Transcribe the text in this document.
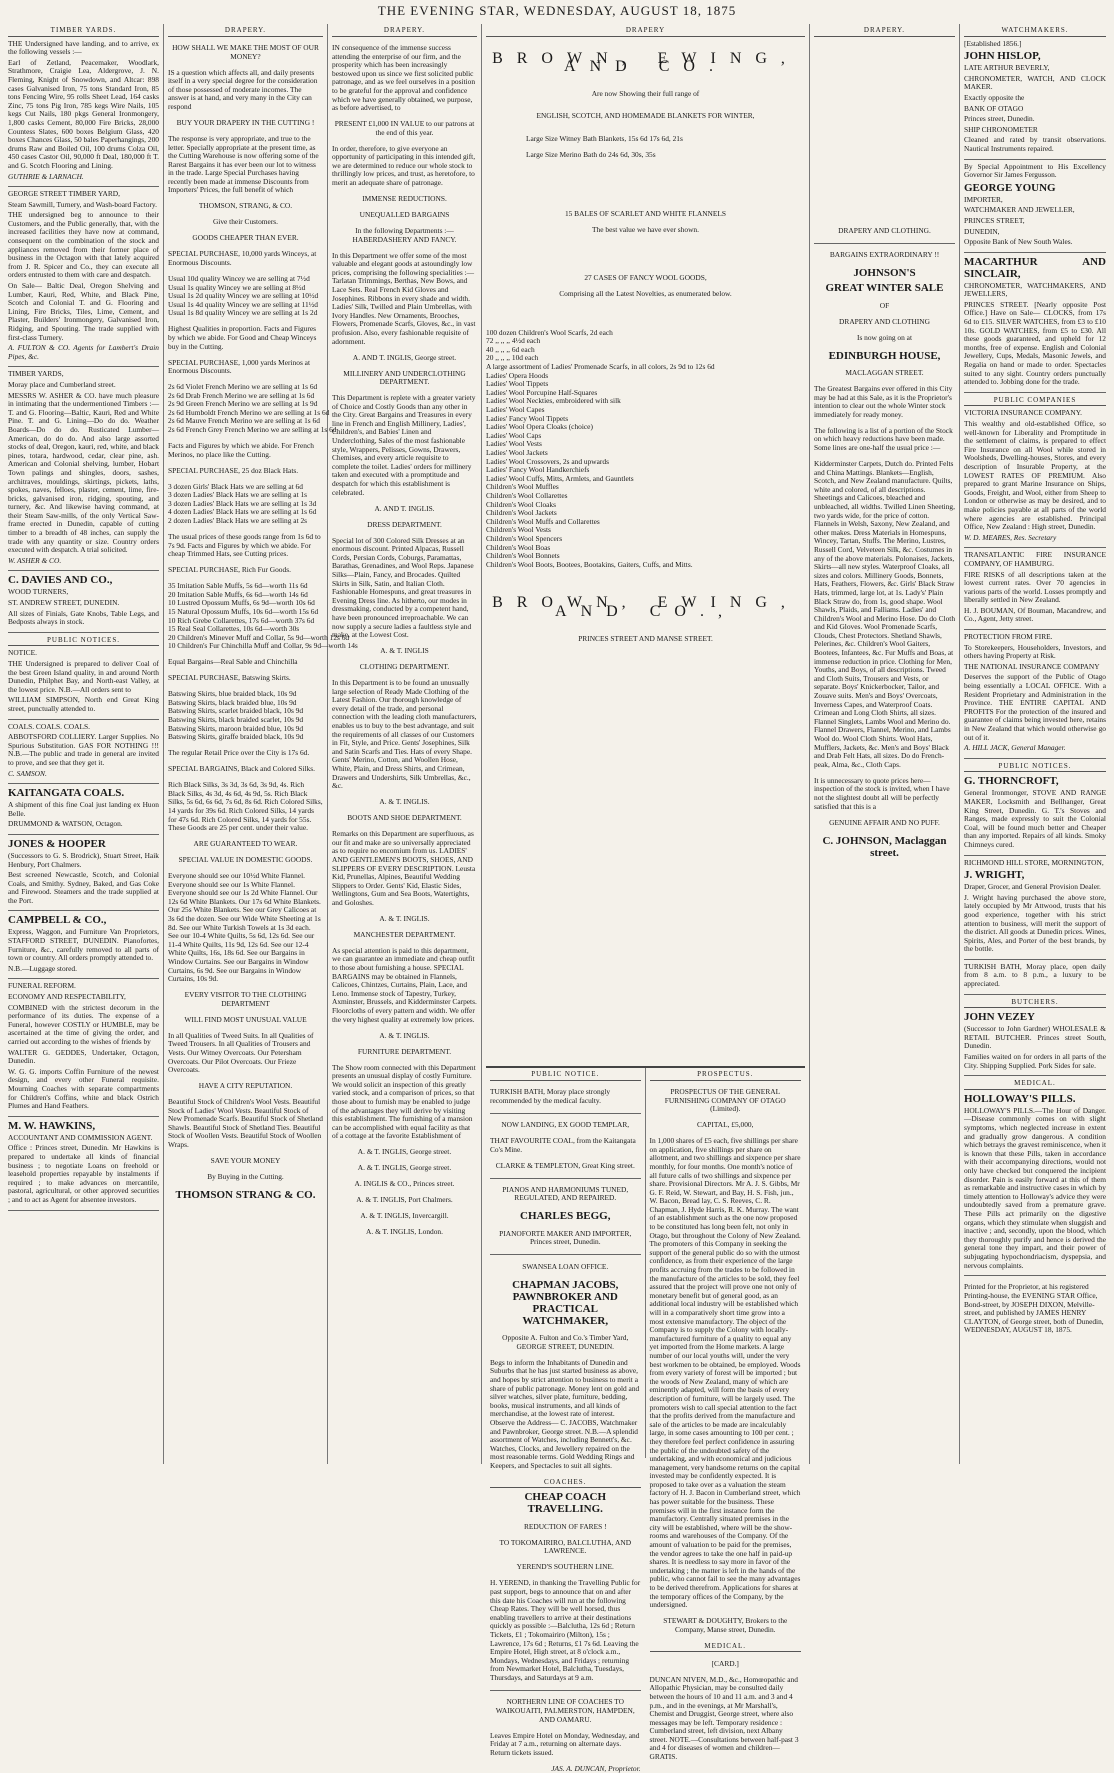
THE EVENING STAR, WEDNESDAY, AUGUST 18, 1875
TIMBER YARDS.

THE Undersigned have landing, and to arrive, ex the following vessels :—

Earl of Zetland, Peacemaker, Woodlark, Strathmore, Craigie Lea, Aldergrove, J. N. Fleming, Knight of Snowdown, and Altcar: 898 cases Galvanised Iron, 75 tons Standard Iron, 85 tons Fencing Wire, 95 rolls Sheet Lead, 164 casks Zinc, 75 tons Pig Iron, 785 kegs Wire Nails, 105 kegs Cut Nails, 180 pkgs General Ironmongery, 1,800 casks Cement, 80,000 Fire Bricks, 28,000 Countess Slates, 600 boxes Belgium Glass, 420 boxes Chances Glass, 50 bales Paperhangings, 200 drums Raw and Boiled Oil, 100 drums Colza Oil, 450 cases Castor Oil, 90,000 ft Deal, 180,000 ft T. and G. Scotch Flooring and Lining.

GUTHRIE & LARNACH.

GEORGE STREET TIMBER YARD,

Steam Sawmill, Turnery, and Wash-board Factory.

THE undersigned beg to announce to their Customers, and the Public generally, that, with the increased facilities they have now at command, consequent on the combination of the stock and appliances removed from their former place of business in the Octagon with that lately acquired from J. R. Spicer and Co., they can execute all orders entrusted to them with care and despatch.

On Sale— Baltic Deal, Oregon Shelving and Lumber, Kauri, Red, White, and Black Pine, Scotch and Colonial T. and G. Flooring and Lining, Fire Bricks, Tiles, Lime, Cement, and Plaster, Builders' Ironmongery, Galvanised Iron, Ridging, and Spouting. The trade supplied with first-class Turnery.

A. FULTON & CO. Agents for Lambert's Drain Pipes, &c.

TIMBER YARDS,

Moray place and Cumberland street.

MESSRS W. ASHER & CO. have much pleasure in intimating that the undermentioned Timbers :— T. and G. Flooring—Baltic, Kauri, Red and White Pine. T. and G. Lining—Do do do. Weather Boards—Do do do. Rusticated Lumber—American, do do do. And also large assorted stocks of deal, Oregon, kauri, red, white, and black pines, totara, hardwood, cedar, clear pine, ash. American and Colonial shelving, lumber, Hobart Town palings and shingles, doors, sashes, architraves, mouldings, skirtings, pickets, laths, spokes, naves, felloes, plaster, cement, lime, fire-bricks, galvanised iron, ridging, spouting, and turnery, &c. And likewise having command, at their Steam Saw-mills, of the only Vertical Saw-frame erected in Dunedin, capable of cutting timber to a breadth of 48 inches, can supply the trade with any quantity or size. Country orders executed with despatch. A trial solicited.

W. ASHER & CO.

C. DAVIES AND CO.,

WOOD TURNERS,

ST. ANDREW STREET, DUNEDIN.

All sizes of Finials, Gate Knobs, Table Legs, and Bedposts always in stock.

PUBLIC NOTICES.

NOTICE.

THE Undersigned is prepared to deliver Coal of the best Green Island quality, in and around North Dunedin, Philphet Bay, and North-east Valley, at the lowest price. N.B.—All orders sent to

WILLIAM SIMPSON, North end Great King street, punctually attended to.

COALS. COALS. COALS.

ABBOTSFORD COLLIERY. Larger Supplies. No Spurious Substitution. GAS FOR NOTHING !!! N.B.—The public and trade in general are invited to prove, and see that they get it.

C. SAMSON.

KAITANGATA COALS.

A shipment of this fine Coal just landing ex Huon Belle.

DRUMMOND & WATSON, Octagon.

JONES & HOOPER

(Successors to G. S. Brodrick), Stuart Street, Haik Henbury, Port Chalmers.

Best screened Newcastle, Scotch, and Colonial Coals, and Smithy. Sydney, Baked, and Gas Coke and Firewood. Steamers and the trade supplied at the Port.

CAMPBELL & CO.,

Express, Waggon, and Furniture Van Proprietors, STAFFORD STREET, DUNEDIN. Pianofortes, Furniture, &c., carefully removed to all parts of town or country. All orders promptly attended to.

N.B.—Luggage stored.

FUNERAL REFORM.

ECONOMY AND RESPECTABILITY,

COMBINED with the strictest decorum in the performance of its duties. The expense of a Funeral, however COSTLY or HUMBLE, may be ascertained at the time of giving the order, and carried out according to the wishes of friends by

WALTER G. GEDDES, Undertaker, Octagon, Dunedin.

W. G. G. imports Coffin Furniture of the newest design, and every other Funeral requisite. Mourning Coaches with separate compartments for Children's Coffins, white and black Ostrich Plumes and Hand Feathers.

M. W. HAWKINS,

ACCOUNTANT AND COMMISSION AGENT.

Office : Princes street, Dunedin. Mr Hawkins is prepared to undertake all kinds of financial business ; to negotiate Loans on freehold or leasehold properties repayable by instalments if required ; to make advances on mercantile, pastoral, agricultural, or other approved securities ; and to act as Agent for absentee investors.

DRAPERY.

HOW SHALL WE MAKE THE MOST OF OUR MONEY?

IS a question which affects all, and daily presents itself in a very special degree for the consideration of those possessed of moderate incomes. The answer is at hand, and very many in the City can respond

BUY YOUR DRAPERY IN THE CUTTING !

The response is very appropriate, and true to the letter. Specially appropriate at the present time, as the Cutting Warehouse is now offering some of the Rarest Bargains it has ever been our lot to witness in the trade. Large Special Purchases having recently been made at immense Discounts from Importers' Prices, the full benefit of which

THOMSON, STRANG, & CO.

Give their Customers.

GOODS CHEAPER THAN EVER.

SPECIAL PURCHASE, 10,000 yards Winceys, at Enormous Discounts.

Usual 10d quality Wincey we are selling at 7½d

Usual 1s quality Wincey we are selling at 8½d

Usual 1s 2d quality Wincey we are selling at 10½d

Usual 1s 4d quality Wincey we are selling at 11½d

Usual 1s 8d quality Wincey we are selling at 1s 2d

Highest Qualities in proportion. Facts and Figures by which we abide. For Good and Cheap Winceys buy in the Cutting.

SPECIAL PURCHASE, 1,000 yards Merinos at Enormous Discounts.

2s 6d Violet French Merino we are selling at 1s 6d

2s 6d Drab French Merino we are selling at 1s 6d

2s 9d Green French Merino we are selling at 1s 9d

2s 6d Humboldt French Merino we are selling at 1s 6d

2s 6d Mauve French Merino we are selling at 1s 6d

2s 6d French Grey French Merino we are selling at 1s 6d

Facts and Figures by which we abide. For French Merinos, no place like the Cutting.

SPECIAL PURCHASE, 25 doz Black Hats.

3 dozen Girls' Black Hats we are selling at 6d

3 dozen Ladies' Black Hats we are selling at 1s

3 dozen Ladies' Black Hats we are selling at 1s 3d

4 dozen Ladies' Black Hats we are selling at 1s 6d

2 dozen Ladies' Black Hats we are selling at 2s

The usual prices of these goods range from 1s 6d to 7s 9d. Facts and Figures by which we abide. For cheap Trimmed Hats, see Cutting prices.

SPECIAL PURCHASE, Rich Fur Goods.

35 Imitation Sable Muffs, 5s 6d—worth 11s 6d

20 Imitation Sable Muffs, 6s 6d—worth 14s 6d

10 Lustred Opossum Muffs, 6s 9d—worth 10s 6d

15 Natural Opossum Muffs, 10s 6d—worth 15s 6d

10 Rich Grebe Collarettes, 17s 6d—worth 37s 6d

15 Real Seal Collarettes, 10s 6d—worth 30s

20 Children's Minever Muff and Collar, 5s 9d—worth 12s 6d

10 Children's Fur Chinchilla Muff and Collar, 9s 9d—worth 14s

Equal Bargains—Real Sable and Chinchilla

SPECIAL PURCHASE, Batswing Skirts.

Batswing Skirts, blue braided black, 10s 9d

Batswing Skirts, black braided blue, 10s 9d

Batswing Skirts, scarlet braided black, 10s 9d

Batswing Skirts, black braided scarlet, 10s 9d

Batswing Skirts, maroon braided blue, 10s 9d

Batswing Skirts, giraffe braided black, 10s 9d

The regular Retail Price over the City is 17s 6d.

SPECIAL BARGAINS, Black and Colored Silks.

Rich Black Silks, 3s 3d, 3s 6d, 3s 9d, 4s. Rich Black Silks, 4s 3d, 4s 6d, 4s 9d, 5s. Rich Black Silks, 5s 6d, 6s 6d, 7s 6d, 8s 6d. Rich Colored Silks, 14 yards for 39s 6d. Rich Colored Silks, 14 yards for 47s 6d. Rich Colored Silks, 14 yards for 55s. These Goods are 25 per cent. under their value.

ARE GUARANTEED TO WEAR.

SPECIAL VALUE IN DOMESTIC GOODS.

Everyone should see our 10½d White Flannel. Everyone should see our 1s White Flannel. Everyone should see our 1s 2d White Flannel. Our 12s 6d White Blankets. Our 17s 6d White Blankets. Our 25s White Blankets. See our Grey Calicoes at 3s 6d the dozen. See our Wide White Sheeting at 1s 8d. See our White Turkish Towels at 1s 3d each. See our 10-4 White Quilts, 5s 6d, 12s 6d. See our 11-4 White Quilts, 11s 9d, 12s 6d. See our 12-4 White Quilts, 16s, 18s 6d. See our Bargains in Window Curtains. See our Bargains in Window Curtains, 6s 9d. See our Bargains in Window Curtains, 10s 9d.

EVERY VISITOR TO THE CLOTHING DEPARTMENT

WILL FIND MOST UNUSUAL VALUE

In all Qualities of Tweed Suits. In all Qualities of Tweed Trousers. In all Qualities of Trousers and Vests. Our Witney Overcoats. Our Petersham Overcoats. Our Pilot Overcoats. Our Frieze Overcoats.

HAVE A CITY REPUTATION.

Beautiful Stock of Children's Wool Vests. Beautiful Stock of Ladies' Wool Vests. Beautiful Stock of New Promenade Scarfs. Beautiful Stock of Shetland Shawls. Beautiful Stock of Shetland Ties. Beautiful Stock of Woollen Vests. Beautiful Stock of Woollen Wraps.

SAVE YOUR MONEY

By Buying in the Cutting.

THOMSON STRANG & CO.

DRAPERY.

IN consequence of the immense success attending the enterprise of our firm, and the prosperity which has been increasingly bestowed upon us since we first solicited public patronage, and as we feel ourselves in a position to be grateful for the approval and confidence which we have generally obtained, we purpose, as before advertised, to

PRESENT £1,000 IN VALUE to our patrons at the end of this year.

In order, therefore, to give everyone an opportunity of participating in this intended gift, we are determined to reduce our whole stock to thrillingly low prices, and trust, as heretofore, to merit an adequate share of patronage.

IMMENSE REDUCTIONS.

UNEQUALLED BARGAINS

In the following Departments :— HABERDASHERY AND FANCY.

In this Department we offer some of the most valuable and elegant goods at astoundingly low prices, comprising the following specialities :— Tarlatan Trimmings, Berthas, New Bows, and Lace Sets. Real French Kid Gloves and Josephines. Ribbons in every shade and width. Ladies' Silk, Twilled and Plain Umbrellas, with Ivory Handles. New Ornaments, Brooches, Flowers, Promenade Scarfs, Gloves, &c., in vast profusion. Also, every fashionable requisite of adornment.

A. AND T. INGLIS, George street.

MILLINERY AND UNDERCLOTHING DEPARTMENT.

This Department is replete with a greater variety of Choice and Costly Goods than any other in the City. Great Bargains and Treasures in every line in French and English Millinery, Ladies', Children's, and Babies' Linen and Underclothing, Sales of the most fashionable style, Wrappers, Pelisses, Gowns, Drawers, Chemises, and every article requisite to complete the toilet. Ladies' orders for millinery taken and executed with a promptitude and despatch for which this establishment is celebrated.

A. AND T. INGLIS.

DRESS DEPARTMENT.

Special lot of 300 Colored Silk Dresses at an enormous discount. Printed Alpacas, Russell Cords, Persian Cords, Coburgs, Paramattas, Barathas, Grenadines, and Wool Reps. Japanese Silks—Plain, Fancy, and Brocades. Quilted Skirts in Silk, Satin, and Italian Cloth. Fashionable Homespuns, and great treasures in Evening Dress line. As hitherto, our modes in dressmaking, conducted by a competent hand, have been pronounced irreproachable. We can now supply a secure ladies a faultless style and make, at the Lowest Cost.

A. & T. INGLIS

CLOTHING DEPARTMENT.

In this Department is to be found an unusually large selection of Ready Made Clothing of the Latest Fashion. Our thorough knowledge of every detail of the trade, and personal connection with the leading cloth manufacturers, enables us to buy to the best advantage, and suit the requirements of all classes of our Customers in Fit, Style, and Price. Gents' Josephines, Silk and Satin Scarfs and Ties. Hats of every Shape. Gents' Merino, Cotton, and Woollen Hose, White, Plain, and Dress Shirts, and Crimean, Drawers and Undershirts, Silk Umbrellas, &c., &c.

A. & T. INGLIS.

BOOTS AND SHOE DEPARTMENT.

Remarks on this Department are superfluous, as our fit and make are so universally appreciated as to require no encomium from us. LADIES' AND GENTLEMEN'S BOOTS, SHOES, AND SLIPPERS OF EVERY DESCRIPTION. Leusta Kid, Prunellas, Alpines, Beautiful Wedding Slippers to Order. Gents' Kid, Elastic Sides, Wellingtons, Gum and Sea Boots, Watertights, and Goloshes.

A. & T. INGLIS.

MANCHESTER DEPARTMENT.

As special attention is paid to this department, we can guarantee an immediate and cheap outfit to those about furnishing a house. SPECIAL BARGAINS may be obtained in Flannels, Calicoes, Chintzes, Curtains, Plain, Lace, and Leno. Immense stock of Tapestry, Turkey, Axminster, Brussels, and Kidderminster Carpets. Floorcloths of every pattern and width. We offer the very highest quality at extremely low prices.

A. & T. INGLIS.

FURNITURE DEPARTMENT.

The Show room connected with this Department presents an unusual display of costly Furniture. We would solicit an inspection of this greatly varied stock, and a comparison of prices, so that those about to furnish may be enabled to judge of the advantages they will derive by visiting this establishment. The furnishing of a mansion can be accomplished with equal facility as that of a cottage at the favorite Establishment of

A. & T. INGLIS, George street.

A. & T. INGLIS, George street.

A. INGLIS & CO., Princes street.

A. & T. INGLIS, Port Chalmers.

A. & T. INGLIS, Invercargill.

A. & T. INGLIS, London.

DRAPERY
BROWN, EWING, AND CO.

Are now Showing their full range of

ENGLISH, SCOTCH, AND HOMEMADE BLANKETS FOR WINTER,

Large Size Witney Bath Blankets, 15s 6d 17s 6d, 21s

Large Size Merino Bath do 24s 6d, 30s, 35s

15 BALES OF SCARLET AND WHITE FLANNELS

The best value we have ever shown.

27 CASES OF FANCY WOOL GOODS,

Comprising all the Latest Novelties, as enumerated below.

100 dozen Children's Wool Scarfs, 2d each

72 ,, ,, ,, 4½d each

40 ,, ,, ,, 6d each

20 ,, ,, ,, 10d each

A large assortment of Ladies' Promenade Scarfs, in all colors, 2s 9d to 12s 6d

Ladies' Opera Hoods

Ladies' Wool Tippets

Ladies' Wool Porcupine Half-Squares

Ladies' Wool Neckties, embroidered with silk

Ladies' Wool Capes

Ladies' Fancy Wool Tippets

Ladies' Wool Opera Cloaks (choice)

Ladies' Wool Caps

Ladies' Wool Vests

Ladies' Wool Jackets

Ladies' Wool Crossovers, 2s and upwards

Ladies' Fancy Wool Handkerchiefs

Ladies' Wool Cuffs, Mitts, Armlets, and Gauntlets

Children's Wool Muffles

Children's Wool Collarettes

Children's Wool Cloaks

Children's Wool Jackets

Children's Wool Muffs and Collarettes

Children's Wool Vests

Children's Wool Spencers

Children's Wool Boas

Children's Wool Bonnets

Children's Wool Boots, Bootees, Bootakins, Gaiters, Cuffs, and Mitts.

BROWN, EWING, AND CO.,

PRINCES STREET AND MANSE STREET.

PUBLIC NOTICE.

TURKISH BATH, Moray place strongly recommended by the medical faculty.

NOW LANDING, EX GOOD TEMPLAR,

THAT FAVOURITE COAL, from the Kaitangata Co's Mine.

CLARKE & TEMPLETON, Great King street.

PIANOS AND HARMONIUMS TUNED, REGULATED, AND REPAIRED.

CHARLES BEGG,

PIANOFORTE MAKER AND IMPORTER, Princes street, Dunedin.

SWANSEA LOAN OFFICE.

CHAPMAN JACOBS, PAWNBROKER AND PRACTICAL WATCHMAKER,

Opposite A. Fulton and Co.'s Timber Yard, GEORGE STREET, DUNEDIN.

Begs to inform the Inhabitants of Dunedin and Suburbs that he has just started business as above, and hopes by strict attention to business to merit a share of public patronage. Money lent on gold and silver watches, silver plate, furniture, bedding, books, musical instruments, and all kinds of merchandise, at the lowest rate of interest. Observe the Address— C. JACOBS, Watchmaker and Pawnbroker, George street. N.B.—A splendid assortment of Watches, including Bennett's, &c. Watches, Clocks, and Jewellery repaired on the most reasonable terms. Gold Wedding Rings and Keepers, and Spectacles to suit all sights.

COACHES.

CHEAP COACH TRAVELLING.

REDUCTION OF FARES !

TO TOKOMAIRIRO, BALCLUTHA, AND LAWRENCE.

YEREND'S SOUTHERN LINE.

H. YEREND, in thanking the Travelling Public for past support, begs to announce that on and after this date his Coaches will run at the following Cheap Rates. They will be well horsed, thus enabling travellers to arrive at their destinations quickly as possible :—Balclutha, 12s 6d ; Return Tickets, £1 ; Tokomairiro (Milton), 15s ; Lawrence, 17s 6d ; Returns, £1 7s 6d. Leaving the Empire Hotel, High street, at 8 o'clock a.m., Mondays, Wednesdays, and Fridays ; returning from Newmarket Hotel, Balclutha, Tuesdays, Thursdays, and Saturdays at 9 a.m.

NORTHERN LINE OF COACHES TO WAIKOUAITI, PALMERSTON, HAMPDEN, AND OAMARU.

Leaves Empire Hotel on Monday, Wednesday, and Friday at 7 a.m., returning on alternate days. Return tickets issued.

JAS. A. DUNCAN, Proprietor.

PROSPECTUS.

PROSPECTUS OF THE GENERAL FURNISHING COMPANY OF OTAGO (Limited).

CAPITAL, £5,000,

In 1,000 shares of £5 each, five shillings per share on application, five shillings per share on allotment, and two shillings and sixpence per share monthly, for four months. One month's notice of all future calls of two shillings and sixpence per share. Provisional Directors. Mr A. J. S. Gibbs, Mr G. F. Reid, W. Stewart, and Bay, H. S. Fish, jun., W. Bacon, Bread lay, C. S. Reeves, C. R. Chapman, J. Hyde Harris, R. K. Murray. The want of an establishment such as the one now proposed to be constituted has long been felt, not only in Otago, but throughout the Colony of New Zealand. The promoters of this Company in seeking the support of the general public do so with the utmost confidence, as from their experience of the large profits accruing from the trades to be followed in the manufacture of the articles to be sold, they feel assured that the project will prove one not only of monetary benefit but of general good, as an additional local industry will be established which will in a comparatively short time grow into a most extensive manufactory. The object of the Company is to supply the Colony with locally-manufactured furniture of a quality to equal any yet imported from the Home markets. A large number of our local youths will, under the very best workmen to be obtained, be employed. Woods from every variety of forest will be imported ; but the woods of New Zealand, many of which are eminently adapted, will form the basis of every description of furniture, will be largely used. The promoters wish to call special attention to the fact that the profits derived from the manufacture and sale of the articles to be made are incalculably large, in some cases amounting to 100 per cent. ; they therefore feel perfect confidence in assuring the public of the undoubted safety of the undertaking, and with economical and judicious management, very handsome returns on the capital invested may be confidently expected. It is proposed to take over as a valuation the steam factory of H. J. Bacon in Cumberland street, which has power suitable for the business. These premises will in the first instance form the manufactory. Centrally situated premises in the city will be established, where will be the show-rooms and warehouses of the Company. Of the amount of valuation to be paid for the premises, the vendor agrees to take the one half in paid-up shares. It is needless to say more in favor of the undertaking ; the matter is left in the hands of the public, who cannot fail to see the many advantages to be derived therefrom. Applications for shares at the temporary offices of the Company, by the undersigned.

STEWART & DOUGHTY, Brokers to the Company, Manse street, Dunedin.

MEDICAL.

[CARD.]

DUNCAN NIVEN, M.D., &c., Homœopathic and Allopathic Physician, may be consulted daily between the hours of 10 and 11 a.m. and 3 and 4 p.m., and in the evenings, at Mr Marshall's, Chemist and Druggist, George street, where also messages may be left. Temporary residence : Cumberland street, left division, next Albany street. NOTE.—Consultations between half-past 3 and 4 for diseases of women and children—GRATIS.

DRAPERY.

DRAPERY AND CLOTHING.

BARGAINS EXTRAORDINARY !!

JOHNSON'S

GREAT WINTER SALE

OF

DRAPERY AND CLOTHING

Is now going on at

EDINBURGH HOUSE,

MACLAGGAN STREET.

The Greatest Bargains ever offered in this City may be had at this Sale, as it is the Proprietor's intention to clear out the whole Winter stock immediately for ready money.

The following is a list of a portion of the Stock on which heavy reductions have been made. Some lines are one-half the usual price :—

Kidderminster Carpets, Dutch do. Printed Felts and China Mattings. Blankets—English, Scotch, and New Zealand manufacture. Quilts, white and colored, of all descriptions. Sheetings and Calicoes, bleached and unbleached, all widths. Twilled Linen Sheeting, two yards wide, for the price of cotton. Flannels in Welsh, Saxony, New Zealand, and other makes. Dress Materials in Homespuns, Wincey, Tartan, Stuffs. The Merino, Lustres, Russell Cord, Velveteen Silk, &c. Costumes in any of the above materials. Polonaises, Jackets, Skirts—all new styles. Waterproof Cloaks, all sizes and colors. Millinery Goods, Bonnets, Hats, Feathers, Flowers, &c. Girls' Black Straw Hats, trimmed, large lot, at 1s. Lady's' Plain Black Straw do, from 1s, good shape. Wool Shawls, Plaids, and Falliams. Ladies' and Children's Wool and Merino Hose. Do do Cloth and Kid Gloves. Wool Promenade Scarfs, Clouds, Chest Protectors. Shetland Shawls, Pelerines, &c. Children's Wool Gaiters, Bootees, Infantees, &c. Fur Muffs and Boas, at immense reduction in price. Clothing for Men, Youths, and Boys, of all descriptions. Tweed and Cloth Suits, Trousers and Vests, or separate. Boys' Knickerbocker, Tailor, and Zouave suits. Men's and Boys' Overcoats, Inverness Capes, and Waterproof Coats. Crimean and Long Cloth Shirts, all sizes. Flannel Singlets, Lambs Wool and Merino do. Flannel Drawers, Flannel, Merino, and Lambs Wool do. Wool Cloth Shirts. Wool Hats, Mufflers, Jackets, &c. Men's and Boys' Black and Drab Felt Hats, all sizes. Do do French-peak, Alma, &c., Cloth Caps.

It is unnecessary to quote prices here—inspection of the stock is invited, when I have not the slightest doubt all will be perfectly satisfied that this is a

GENUINE AFFAIR AND NO PUFF.

C. JOHNSON, Maclaggan street.

WATCHMAKERS.

[Established 1856.]

JOHN HISLOP,

LATE ARTHUR BEVERLY,

CHRONOMETER, WATCH, AND CLOCK MAKER.

Exactly opposite the

BANK OF OTAGO

Princes street, Dunedin.

SHIP CHRONOMETER

Cleaned and rated by transit observations. Nautical Instruments repaired.

By Special Appointment to His Excellency Governor Sir James Fergusson.

GEORGE YOUNG

IMPORTER,

WATCHMAKER AND JEWELLER,

PRINCES STREET,

DUNEDIN,

Opposite Bank of New South Wales.

MACARTHUR AND SINCLAIR,

CHRONOMETER, WATCHMAKERS, AND JEWELLERS,

PRINCES STREET. [Nearly opposite Post Office.] Have on Sale— CLOCKS, from 17s 6d to £15. SILVER WATCHES, from £3 to £10 10s. GOLD WATCHES, from £5 to £30. All these goods guaranteed, and upheld for 12 months, free of expense. English and Colonial Jewellery, Cups, Medals, Masonic Jewels, and Regalia on hand or made to order. Spectacles suited to any sight. Country orders punctually attended to. Jobbing done for the trade.

PUBLIC COMPANIES

VICTORIA INSURANCE COMPANY.

This wealthy and old-established Office, so well-known for Liberality and Promptitude in the settlement of claims, is prepared to effect Fire Insurance on all Wool while stored in Woolsheds, Dwelling-houses, Stores, and every description of Insurable Property, at the LOWEST RATES OF PREMIUM. Also prepared to grant Marine Insurance on Ships, Goods, Freight, and Wool, either from Sheep to London or otherwise as may be desired, and to make policies payable at all parts of the world where agencies are established. Principal Office, New Zealand : High street, Dunedin.

W. D. MEARES, Res. Secretary

TRANSATLANTIC FIRE INSURANCE COMPANY, OF HAMBURG.

FIRE RISKS of all descriptions taken at the lowest current rates. Over 70 agencies in various parts of the world. Losses promptly and liberally settled in New Zealand.

H. J. BOUMAN, Of Bouman, Macandrew, and Co., Agent, Jetty street.

PROTECTION FROM FIRE.

To Storekeepers, Householders, Investors, and others having Property at Risk.

THE NATIONAL INSURANCE COMPANY

Deserves the support of the Public of Otago being essentially a LOCAL OFFICE. With a Resident Proprietary and Administration in the Province. THE ENTIRE CAPITAL AND PROFITS For the protection of the insured and guarantee of claims being invested here, retains in New Zealand that which would otherwise go out of it.

A. HILL JACK, General Manager.

PUBLIC NOTICES.

G. THORNCROFT,

General Ironmonger, STOVE AND RANGE MAKER, Locksmith and Bellhanger, Great King Street, Dunedin. G. T.'s Stoves and Ranges, made expressly to suit the Colonial Coal, will be found much better and Cheaper than any imported. Repairs of all kinds. Smoky Chimneys cured.

RICHMOND HILL STORE, MORNINGTON,

J. WRIGHT,

Draper, Grocer, and General Provision Dealer.

J. Wright having purchased the above store, lately occupied by Mr Attwood, trusts that his good experience, together with his strict attention to business, will merit the support of the district. All goods at Dunedin prices. Wines, Spirits, Ales, and Porter of the best brands, by the bottle.

TURKISH BATH, Moray place, open daily from 8 a.m. to 8 p.m., a luxury to be appreciated.

BUTCHERS.

JOHN VEZEY

(Successor to John Gardner) WHOLESALE & RETAIL BUTCHER. Princes street South, Dunedin.

Families waited on for orders in all parts of the City. Shipping Supplied. Pork Sides for sale.

MEDICAL.

HOLLOWAY'S PILLS.

HOLLOWAY'S PILLS.—The Hour of Danger.—Disease commonly comes on with slight symptoms, which neglected increase in extent and gradually grow dangerous. A condition which betrays the gravest reminiscence, when it is known that these Pills, taken in accordance with their accompanying directions, would not only have checked but conquered the incipient disorder. Pain is easily forward at this of them as remarkable and instructive cases in which by timely attention to Holloway's advice they were undoubtedly saved from a premature grave. These Pills act primarily on the digestive organs, which they stimulate when sluggish and inactive ; and, secondly, upon the blood, which they thoroughly purify and hence is derived the general tone they impart, and their power of subjugating hypochondriacism, dyspepsia, and nervous complaints.

Printed for the Proprietor, at his registered Printing-house, the EVENING STAR Office, Bond-street, by JOSEPH DIXON, Melville-street, and published by JAMES HENRY CLAYTON, of George street, both of Dunedin, WEDNESDAY, AUGUST 18, 1875.
